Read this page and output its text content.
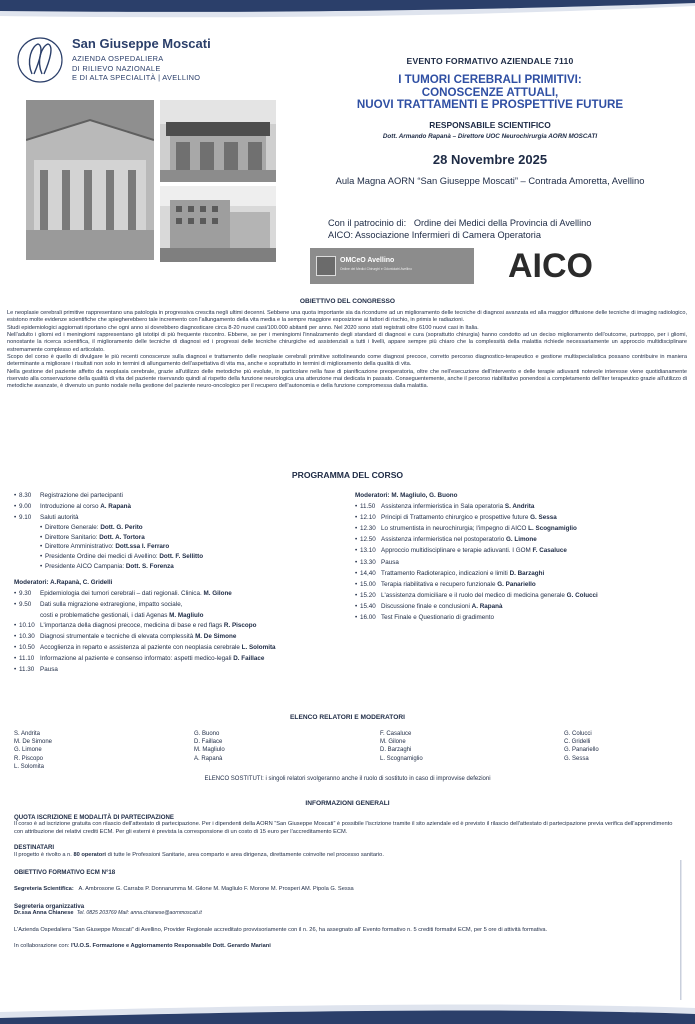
San Giuseppe Moscati
AZIENDA OSPEDALIERA
DI RILIEVO NAZIONALE
E DI ALTA SPECIALITÀ | AVELLINO
EVENTO FORMATIVO AZIENDALE 7110
I TUMORI CEREBRALI PRIMITIVI:
CONOSCENZE ATTUALI,
NUOVI TRATTAMENTI E PROSPETTIVE FUTURE
RESPONSABILE SCIENTIFICO
Dott. Armando Rapanà – Direttore UOC Neurochirurgia AORN MOSCATI
28 Novembre 2025
Aula Magna AORN “San Giuseppe Moscati” – Contrada Amoretta, Avellino
Con il patrocinio di: Ordine dei Medici della Provincia di Avellino
AICO: Associazione Infermieri di Camera Operatoria
OMCeO Avellino
Ordine dei Medici Chirurghi e Odontoiatri Avellino	AICO
OBIETTIVO DEL CONGRESSO

Le neoplasie cerebrali primitive rappresentano una patologia in progressiva crescita negli ultimi decenni. Sebbene una quota importante sia da ricondurre ad un miglioramento delle tecniche di diagnosi avanzata ed alla maggior diffusione delle tecniche di imaging radiologico, esistono molte evidenze scientifiche che spiegherebbero tale incremento con l'allungamento della vita media e la sempre maggiore esposizione ai fattori di rischio, in primis le radiazioni.

Studi epidemiologici aggiornati riportano che ogni anno si dovrebbero diagnosticare circa 8-20 nuovi casi/100.000 abitanti per anno. Nel 2020 sono stati registrati oltre 6100 nuovi casi in Italia.

Nell'adulto i gliomi ed i meningiomi rappresentano gli istotipi di più frequente riscontro. Ebbene, se per i meningiomi l'innalzamento degli standard di diagnosi e cura (soprattutto chirurgia) hanno condotto ad un deciso miglioramento dell'outcome, purtroppo, per i gliomi, nonostante la ricerca scientifica, il miglioramento delle tecniche di diagnosi ed i progressi delle tecniche chirurgiche ed assistenziali a tutti i livelli, appare sempre più chiaro che la complessità della malattia richiede necessariamente un approccio multidisciplinare estremamente complesso ed articolato.

Scopo del corso è quello di divulgare le più recenti conoscenze sulla diagnosi e trattamento delle neoplasie cerebrali primitive sottolineando come diagnosi precoce, corretto percorso diagnostico-terapeutico e gestione multispecialistica possano contribuire in maniera determinante a migliorare i risultati non solo in termini di allungamento dell'aspettativa di vita ma, anche e soprattutto in termini di miglioramento della qualità di vita.

Nella gestione del paziente affetto da neoplasia cerebrale, grazie all'utilizzo delle metodiche più evolute, in particolare nella fase di pianificazione preoperatoria, oltre che nell'esecuzione dell'intervento e delle terapie adiuvanti notevole interesse viene quotidianamente riservato alla conservazione della qualità di vita del paziente riservando quindi al rispetto della funzione neurologica una attenzione mai dedicata in passato. Conseguentemente, anche il percorso riabilitativo ponendosi a completamento dell'iter terapeutico grazie all'utilizzo di metodiche avanzate, è divenuto un punto nodale nella gestione del paziente neuro-oncologico per il recupero dell'autonomia e della funzione compromessa dalla malattia.

PROGRAMMA DEL CORSO
• 8.30 Registrazione dei partecipanti
• 9.00 Introduzione al corso A. Rapanà
• 9.10 Saluti autorità
• Direttore Generale: Dott. G. Perito
• Direttore Sanitario: Dott. A. Tortora
• Direttore Amministrativo: Dott.ssa I. Ferraro
• Presidente Ordine dei medici di Avellino: Dott. F. Sellitto
• Presidente AICO Campania: Dott. S. Forenza
Moderatori: A.Rapanà, C. Gridelli
• 9.30 Epidemiologia dei tumori cerebrali – dati regionali. Clinica. M. Gilone
• 9.50 Dati sulla migrazione extraregione, impatto sociale,
costi e problematiche gestionali, i dati Agenas M. Magliulo
• 10.10 L'importanza della diagnosi precoce, medicina di base e red flags R. Piscopo
• 10.30 Diagnosi strumentale e tecniche di elevata complessità M. De Simone
• 10.50 Accoglienza in reparto e assistenza al paziente con neoplasia cerebrale L. Solomita
• 11.10 Informazione al paziente e consenso informato: aspetti medico-legali D. Faillace
• 11.30 Pausa
Moderatori: M. Magliulo, G. Buono
• 11.50 Assistenza infermieristica in Sala operatoria S. Andrita
• 12.10 Principi di Trattamento chirurgico e prospettive future G. Sessa
• 12.30 Lo strumentista in neurochirurgia; l'impegno di AICO L. Scognamiglio
• 12.50 Assistenza infermieristica nel postoperatorio G. Limone
• 13.10 Approccio multidisciplinare e terapie adiuvanti. I GOM F. Casaluce
• 13.30 Pausa
• 14,40 Trattamento Radioterapico, indicazioni e limiti D. Barzaghi
• 15.00 Terapia riabilitativa e recupero funzionale G. Panariello
• 15.20 L'assistenza domiciliare e il ruolo del medico di medicina generale G. Colucci
• 15.40 Discussione finale e conclusioni A. Rapanà
• 16.00 Test Finale e Questionario di gradimento
ELENCO RELATORI E MODERATORI
S. Andrita
M. De Simone
G. Limone
R. Piscopo
L. Solomita
G. Buono
D. Faillace
M. Magliulo
A. Rapanà
F. Casaluce
M. Gilone
D. Barzaghi
L. Scognamiglio
G. Colucci
C. Gridelli
G. Panariello
G. Sessa
ELENCO SOSTITUTI: i singoli relatori svolgeranno anche il ruolo di sostituto in caso di improvvise defezioni
INFORMAZIONI GENERALI
QUOTA ISCRIZIONE E MODALITÀ DI PARTECIPAZIONE
Il corso è ad iscrizione gratuita con rilascio dell'attestato di partecipazione. Per i dipendenti della AORN “San Giuseppe Moscati” è possibile l'iscrizione tramite il sito aziendale ed è previsto il rilascio dell'attestato di partecipazione previa verifica dell'apprendimento con attribuzione dei relativi crediti ECM. Per gli esterni è prevista la corresponsione di un costo di 15 euro per l'accreditamento ECM.
DESTINATARI
Il progetto è rivolto a n. 80 operatori di tutte le Professioni Sanitarie, area comparto e area dirigenza, direttamente coinvolte nel processo sanitario.
OBIETTIVO FORMATIVO ECM N°18
Segreteria Scientifica: A. Ambrosone G. Carrabs P. Donnarumma M. Gilone M. Magliulo F. Morone M. Prosperi AM. Pipola G. Sessa
Segreteria organizzativa
Dr.ssa Anna Chianese Tel. 0825 203769 Mail: anna.chianese@aornmoscati.it
L'Azienda Ospedaliera “San Giuseppe Moscati” di Avellino, Provider Regionale accreditato provvisoriamente con il n. 26, ha assegnato all' Evento formativo n. 5 crediti formativi ECM, per 5 ore di attività formativa.
In collaborazione con: l'U.O.S. Formazione e Aggiornamento Responsabile Dott. Gerardo Mariani
